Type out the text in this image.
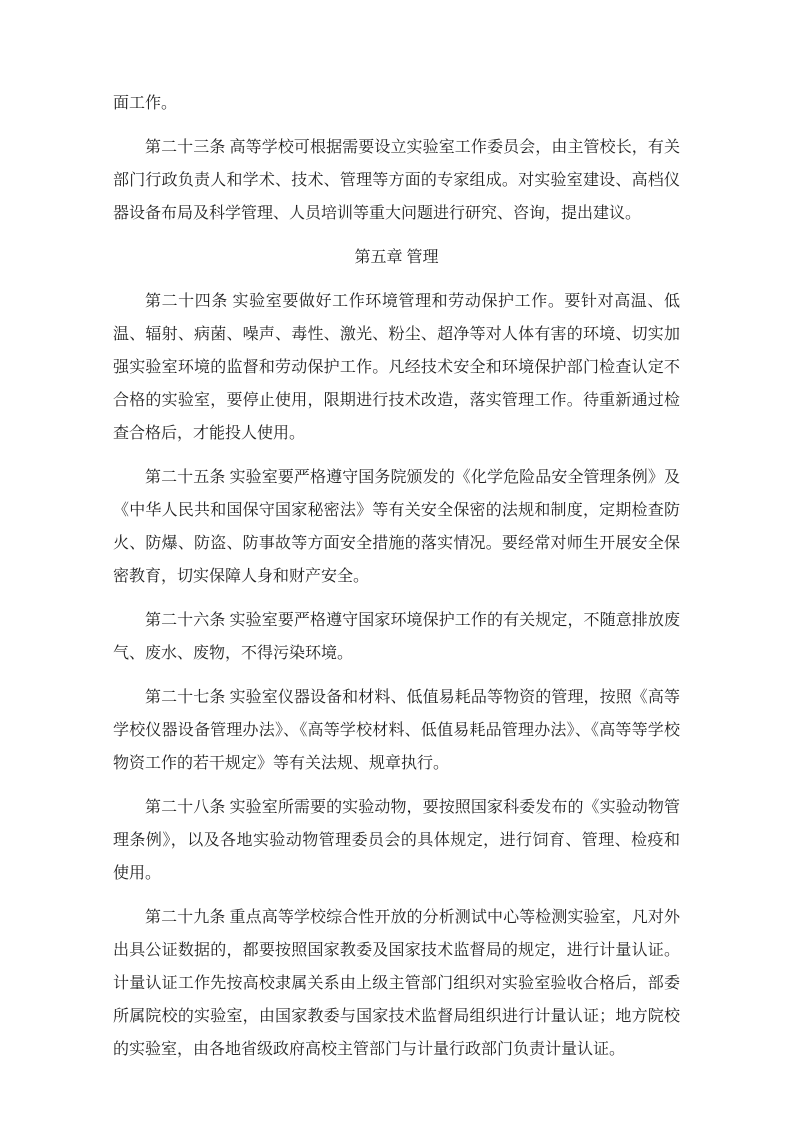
面工作。

第二十三条 高等学校可根据需要设立实验室工作委员会，由主管校长，有关部门行政负责人和学术、技术、管理等方面的专家组成。对实验室建设、高档仪器设备布局及科学管理、人员培训等重大问题进行研究、咨询，提出建议。

第五章 管理

第二十四条 实验室要做好工作环境管理和劳动保护工作。要针对高温、低温、辐射、病菌、噪声、毒性、激光、粉尘、超净等对人体有害的环境、切实加强实验室环境的监督和劳动保护工作。凡经技术安全和环境保护部门检查认定不合格的实验室，要停止使用，限期进行技术改造，落实管理工作。待重新通过检查合格后，才能投人使用。

第二十五条 实验室要严格遵守国务院颁发的《化学危险品安全管理条例》及《中华人民共和国保守国家秘密法》等有关安全保密的法规和制度，定期检查防火、防爆、防盗、防事故等方面安全措施的落实情况。要经常对师生开展安全保密教育，切实保障人身和财产安全。

第二十六条 实验室要严格遵守国家环境保护工作的有关规定，不随意排放废气、废水、废物，不得污染环境。

第二十七条 实验室仪器设备和材料、低值易耗品等物资的管理，按照《高等学校仪器设备管理办法》、《高等学校材料、低值易耗品管理办法》、《高等等学校物资工作的若干规定》等有关法规、规章执行。

第二十八条 实验室所需要的实验动物，要按照国家科委发布的《实验动物管理条例》，以及各地实验动物管理委员会的具体规定，进行饲育、管理、检疫和使用。

第二十九条 重点高等学校综合性开放的分析测试中心等检测实验室，凡对外出具公证数据的，都要按照国家教委及国家技术监督局的规定，进行计量认证。计量认证工作先按高校隶属关系由上级主管部门组织对实验室验收合格后，部委所属院校的实验室，由国家教委与国家技术监督局组织进行计量认证；地方院校的实验室，由各地省级政府高校主管部门与计量行政部门负责计量认证。
